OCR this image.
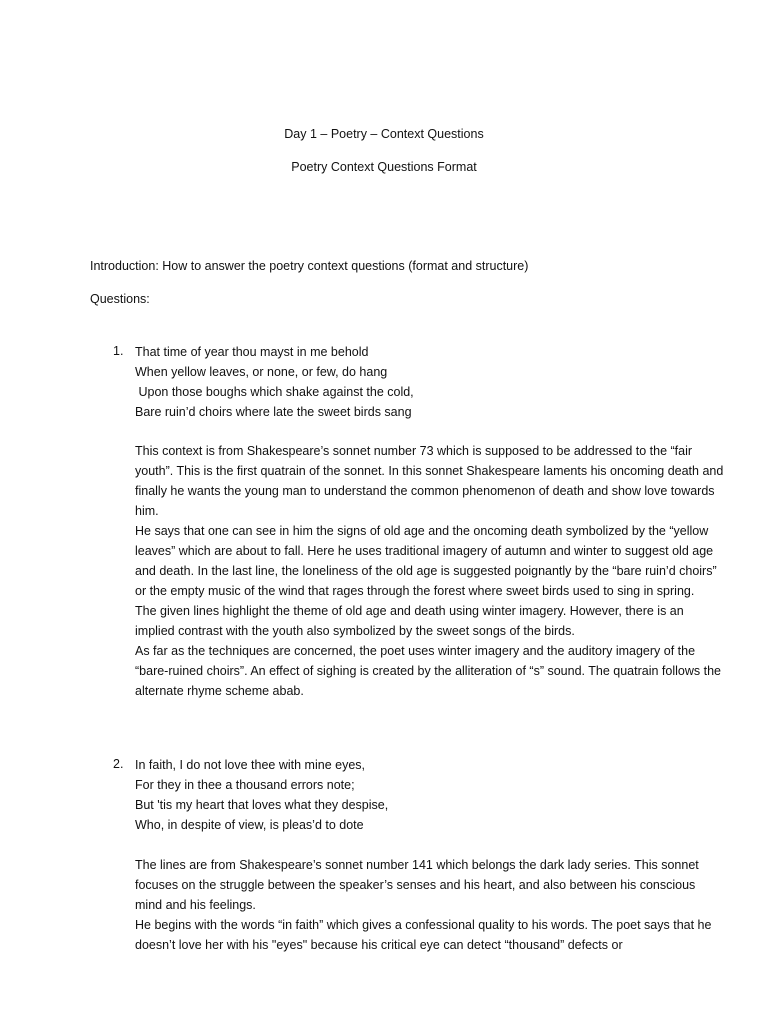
Day 1 – Poetry – Context Questions
Poetry Context Questions Format
Introduction: How to answer the poetry context questions (format and structure)
Questions:
1. That time of year thou mayst in me behold
When yellow leaves, or none, or few, do hang
Upon those boughs which shake against the cold,
Bare ruin’d choirs where late the sweet birds sang
This context is from Shakespeare’s sonnet number 73 which is supposed to be addressed to the “fair youth”. This is the first quatrain of the sonnet. In this sonnet Shakespeare laments his oncoming death and finally he wants the young man to understand the common phenomenon of death and show love towards him.
He says that one can see in him the signs of old age and the oncoming death symbolized by the “yellow leaves” which are about to fall. Here he uses traditional imagery of autumn and winter to suggest old age and death. In the last line, the loneliness of the old age is suggested poignantly by the “bare ruin’d choirs” or the empty music of the wind that rages through the forest where sweet birds used to sing in spring.
The given lines highlight the theme of old age and death using winter imagery. However, there is an implied contrast with the youth also symbolized by the sweet songs of the birds.
As far as the techniques are concerned, the poet uses winter imagery and the auditory imagery of the “bare-ruined choirs”. An effect of sighing is created by the alliteration of “s” sound. The quatrain follows the alternate rhyme scheme abab.
2. In faith, I do not love thee with mine eyes,
For they in thee a thousand errors note;
But 'tis my heart that loves what they despise,
Who, in despite of view, is pleas’d to dote
The lines are from Shakespeare’s sonnet number 141 which belongs the dark lady series. This sonnet focuses on the struggle between the speaker’s senses and his heart, and also between his conscious mind and his feelings.
He begins with the words “in faith” which gives a confessional quality to his words. The poet says that he doesn’t love her with his "eyes" because his critical eye can detect “thousand” defects or
